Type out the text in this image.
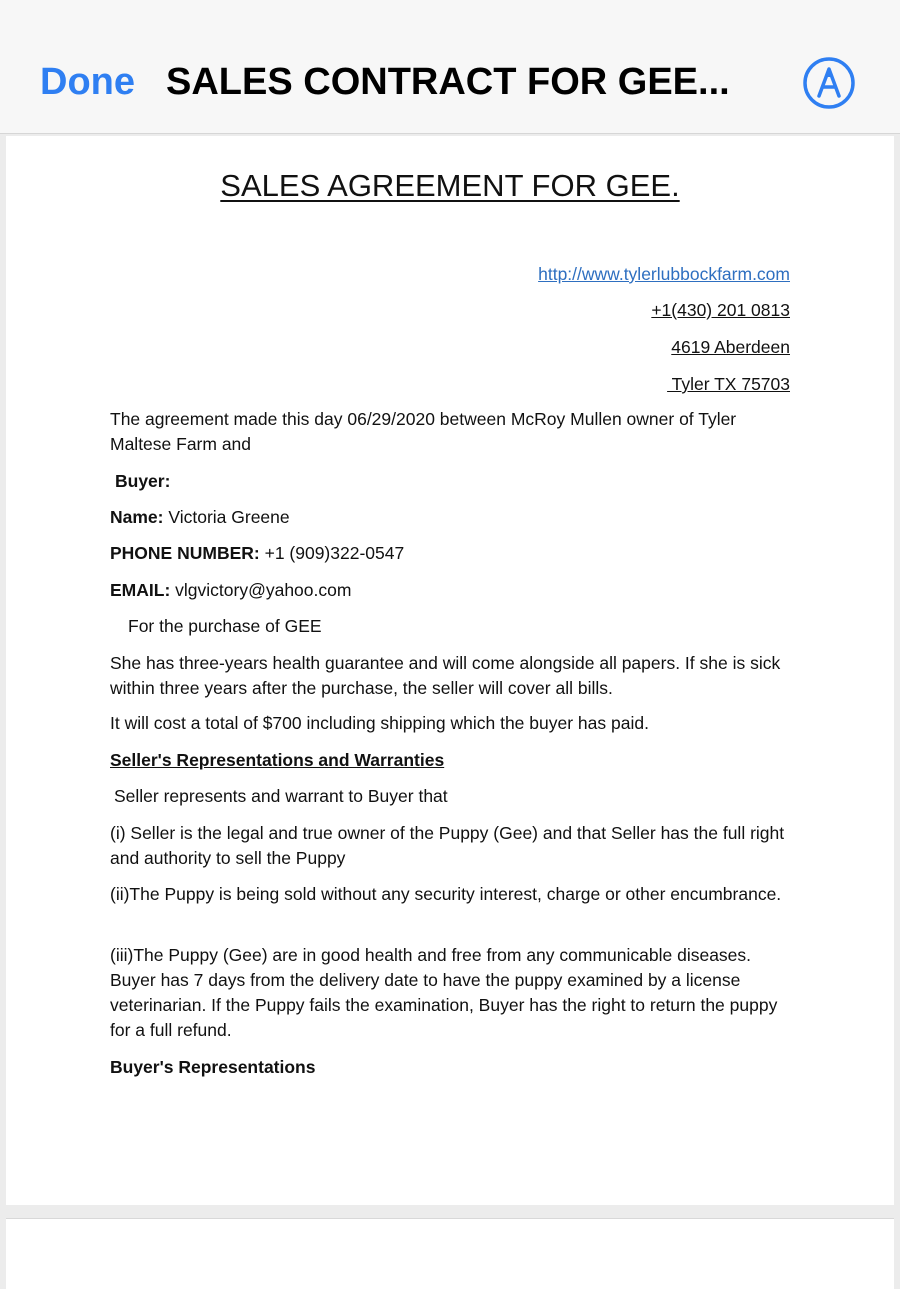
Done SALES CONTRACT FOR GEE...
SALES AGREEMENT FOR GEE.
http://www.tylerlubbockfarm.com
+1(430) 201 0813
4619 Aberdeen
Tyler TX 75703

The agreement made this day 06/29/2020 between McRoy Mullen owner of Tyler Maltese Farm and

Buyer:

Name: Victoria Greene

PHONE NUMBER: +1 (909)322-0547

EMAIL: vlgvictory@yahoo.com

For the purchase of GEE

She has three-years health guarantee and will come alongside all papers. If she is sick within three years after the purchase, the seller will cover all bills.

It will cost a total of $700 including shipping which the buyer has paid.

Seller's Representations and Warranties

Seller represents and warrant to Buyer that

(i) Seller is the legal and true owner of the Puppy (Gee) and that Seller has the full right and authority to sell the Puppy

(ii)The Puppy is being sold without any security interest, charge or other encumbrance.

(iii)The Puppy (Gee) are in good health and free from any communicable diseases. Buyer has 7 days from the delivery date to have the puppy examined by a license veterinarian. If the Puppy fails the examination, Buyer has the right to return the puppy for a full refund.

Buyer's Representations
